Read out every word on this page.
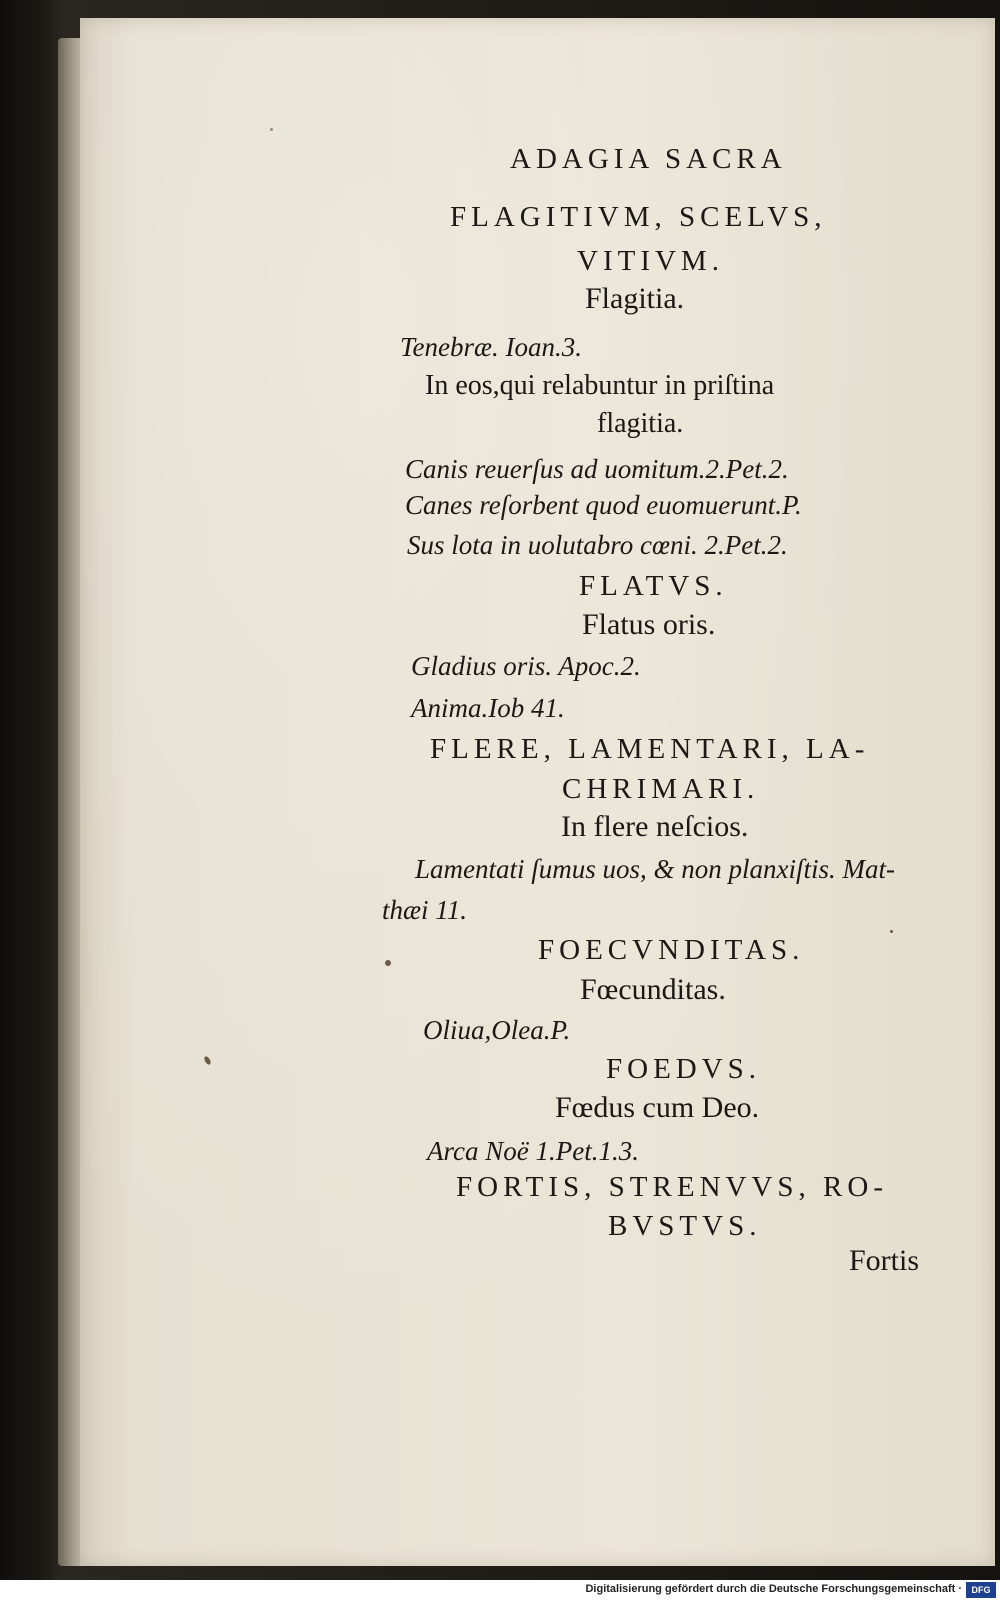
ADAGIA SACRA
FLAGITIVM, SCELVS,
VITIVM.
Flagitia.
Tenebræ. Ioan.3.
In eos,qui relabuntur in priſtina
flagitia.
Canis reuerſus ad uomitum.2.Pet.2.
Canes reſorbent quod euomuerunt.P.
Sus lota in uolutabro cœni. 2.Pet.2.
FLATVS.
Flatus oris.
Gladius oris. Apoc.2.
Anima.Iob 41.
FLERE, LAMENTARI, LA-
CHRIMARI.
In flere neſcios.
Lamentati ſumus uos, & non planxiſtis. Mat-
thæi 11.
FOECVNDITAS.
Fœcunditas.
Oliua,Olea.P.
FOEDVS.
Fœdus cum Deo.
Arca Noë 1.Pet.1.3.
FORTIS, STRENVVS, RO-
BVSTVS.
Fortis
Digitalisierung gefördert durch die Deutsche Forschungsgemeinschaft ·	DFG
